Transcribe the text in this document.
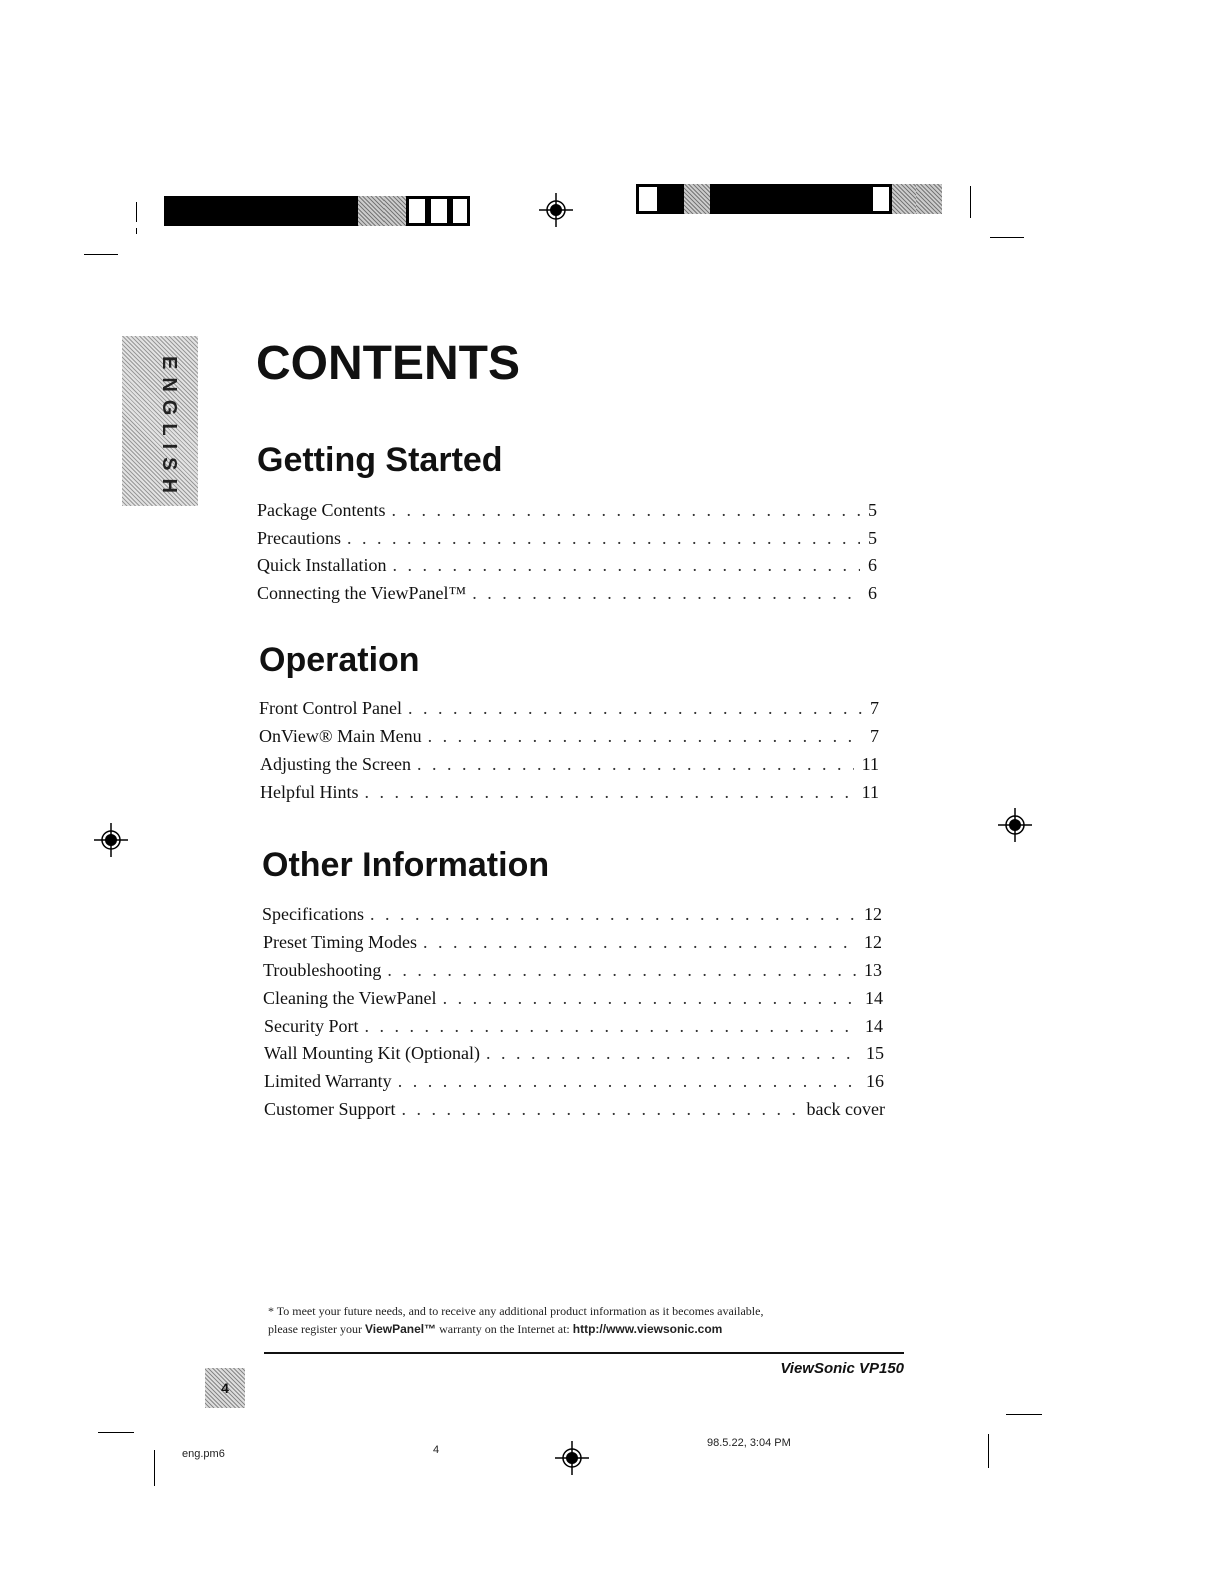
ENGLISH CONTENTS
Getting Started
Package Contents . . .	5
Precautions . . .	5
Quick Installation . . .	6
Connecting the ViewPanel™ . . .	6
Operation
Front Control Panel . . .	7
OnView® Main Menu . . .	7
Adjusting the Screen . . .	11
Helpful Hints . . .	11
Other Information
Specifications . . .	12
Preset Timing Modes . . .	12
Troubleshooting . . .	13
Cleaning the ViewPanel . . .	14
Security Port . . .	14
Wall Mounting Kit (Optional) . . .	15
Limited Warranty . . .	16
Customer Support . . .	back cover
* To meet your future needs, and to receive any additional product information as it becomes available,
please register your ViewPanel™ warranty on the Internet at: http://www.viewsonic.com
ViewSonic VP150
4
eng.pm6	4
98.5.22, 3:04 PM
